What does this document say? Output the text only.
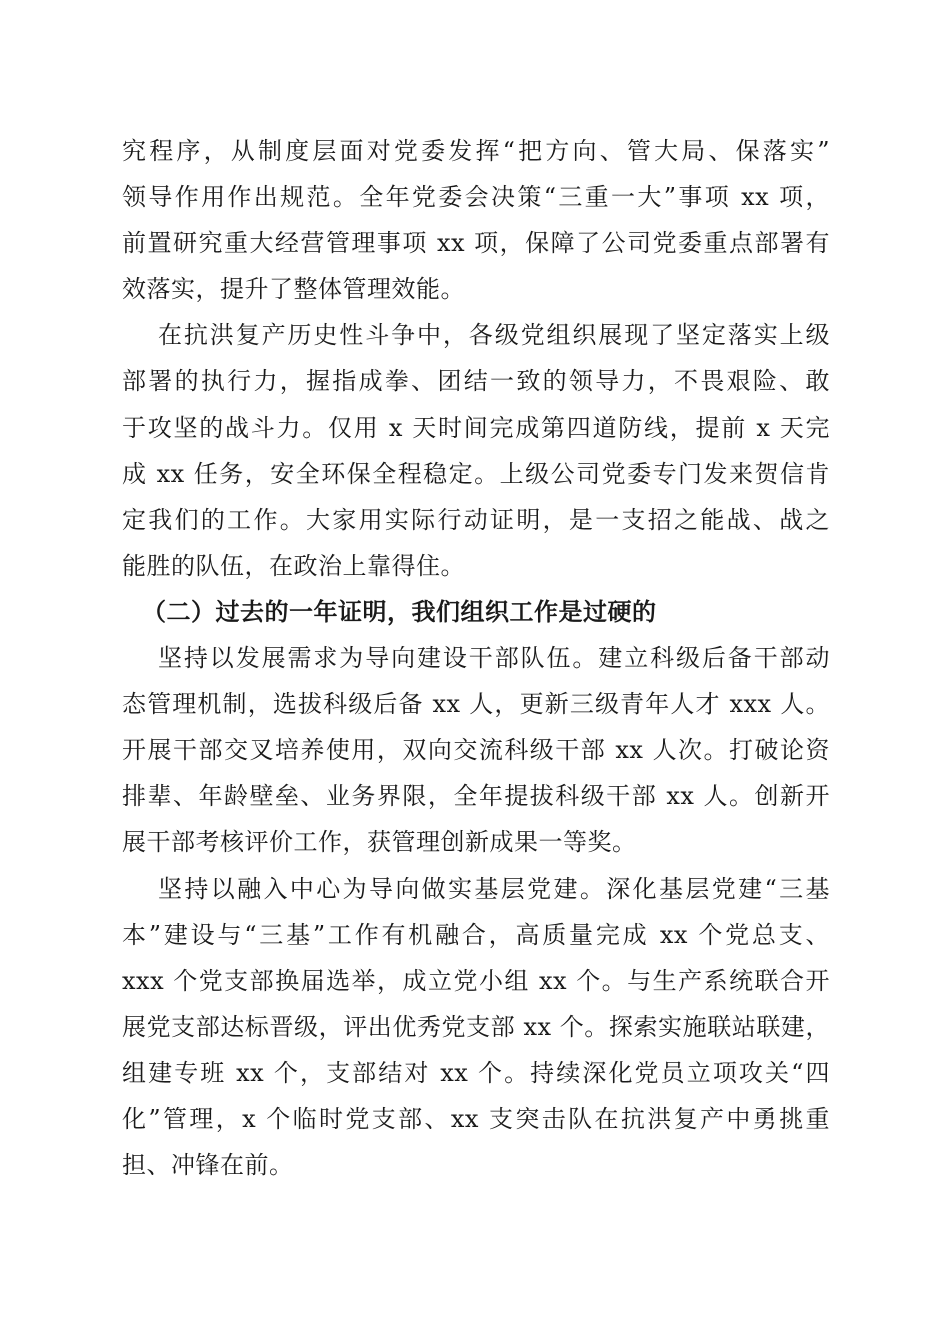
究程序，从制度层面对党委发挥“把方向、管大局、保落实”
领导作用作出规范。全年党委会决策“三重一大”事项 xx 项，
前置研究重大经营管理事项 xx 项，保障了公司党委重点部署有
效落实，提升了整体管理效能。
在抗洪复产历史性斗争中，各级党组织展现了坚定落实上级
部署的执行力，握指成拳、团结一致的领导力，不畏艰险、敢
于攻坚的战斗力。仅用 x 天时间完成第四道防线，提前 x 天完
成 xx 任务，安全环保全程稳定。上级公司党委专门发来贺信肯
定我们的工作。大家用实际行动证明，是一支招之能战、战之
能胜的队伍，在政治上靠得住。
（二）过去的一年证明，我们组织工作是过硬的
坚持以发展需求为导向建设干部队伍。建立科级后备干部动
态管理机制，选拔科级后备 xx 人，更新三级青年人才 xxx 人。
开展干部交叉培养使用，双向交流科级干部 xx 人次。打破论资
排辈、年龄壁垒、业务界限，全年提拔科级干部 xx 人。创新开
展干部考核评价工作，获管理创新成果一等奖。
坚持以融入中心为导向做实基层党建。深化基层党建“三基
本”建设与“三基”工作有机融合，高质量完成 xx 个党总支、
xxx 个党支部换届选举，成立党小组 xx 个。与生产系统联合开
展党支部达标晋级，评出优秀党支部 xx 个。探索实施联站联建，
组建专班 xx 个，支部结对 xx 个。持续深化党员立项攻关“四
化”管理，x 个临时党支部、xx 支突击队在抗洪复产中勇挑重
担、冲锋在前。
